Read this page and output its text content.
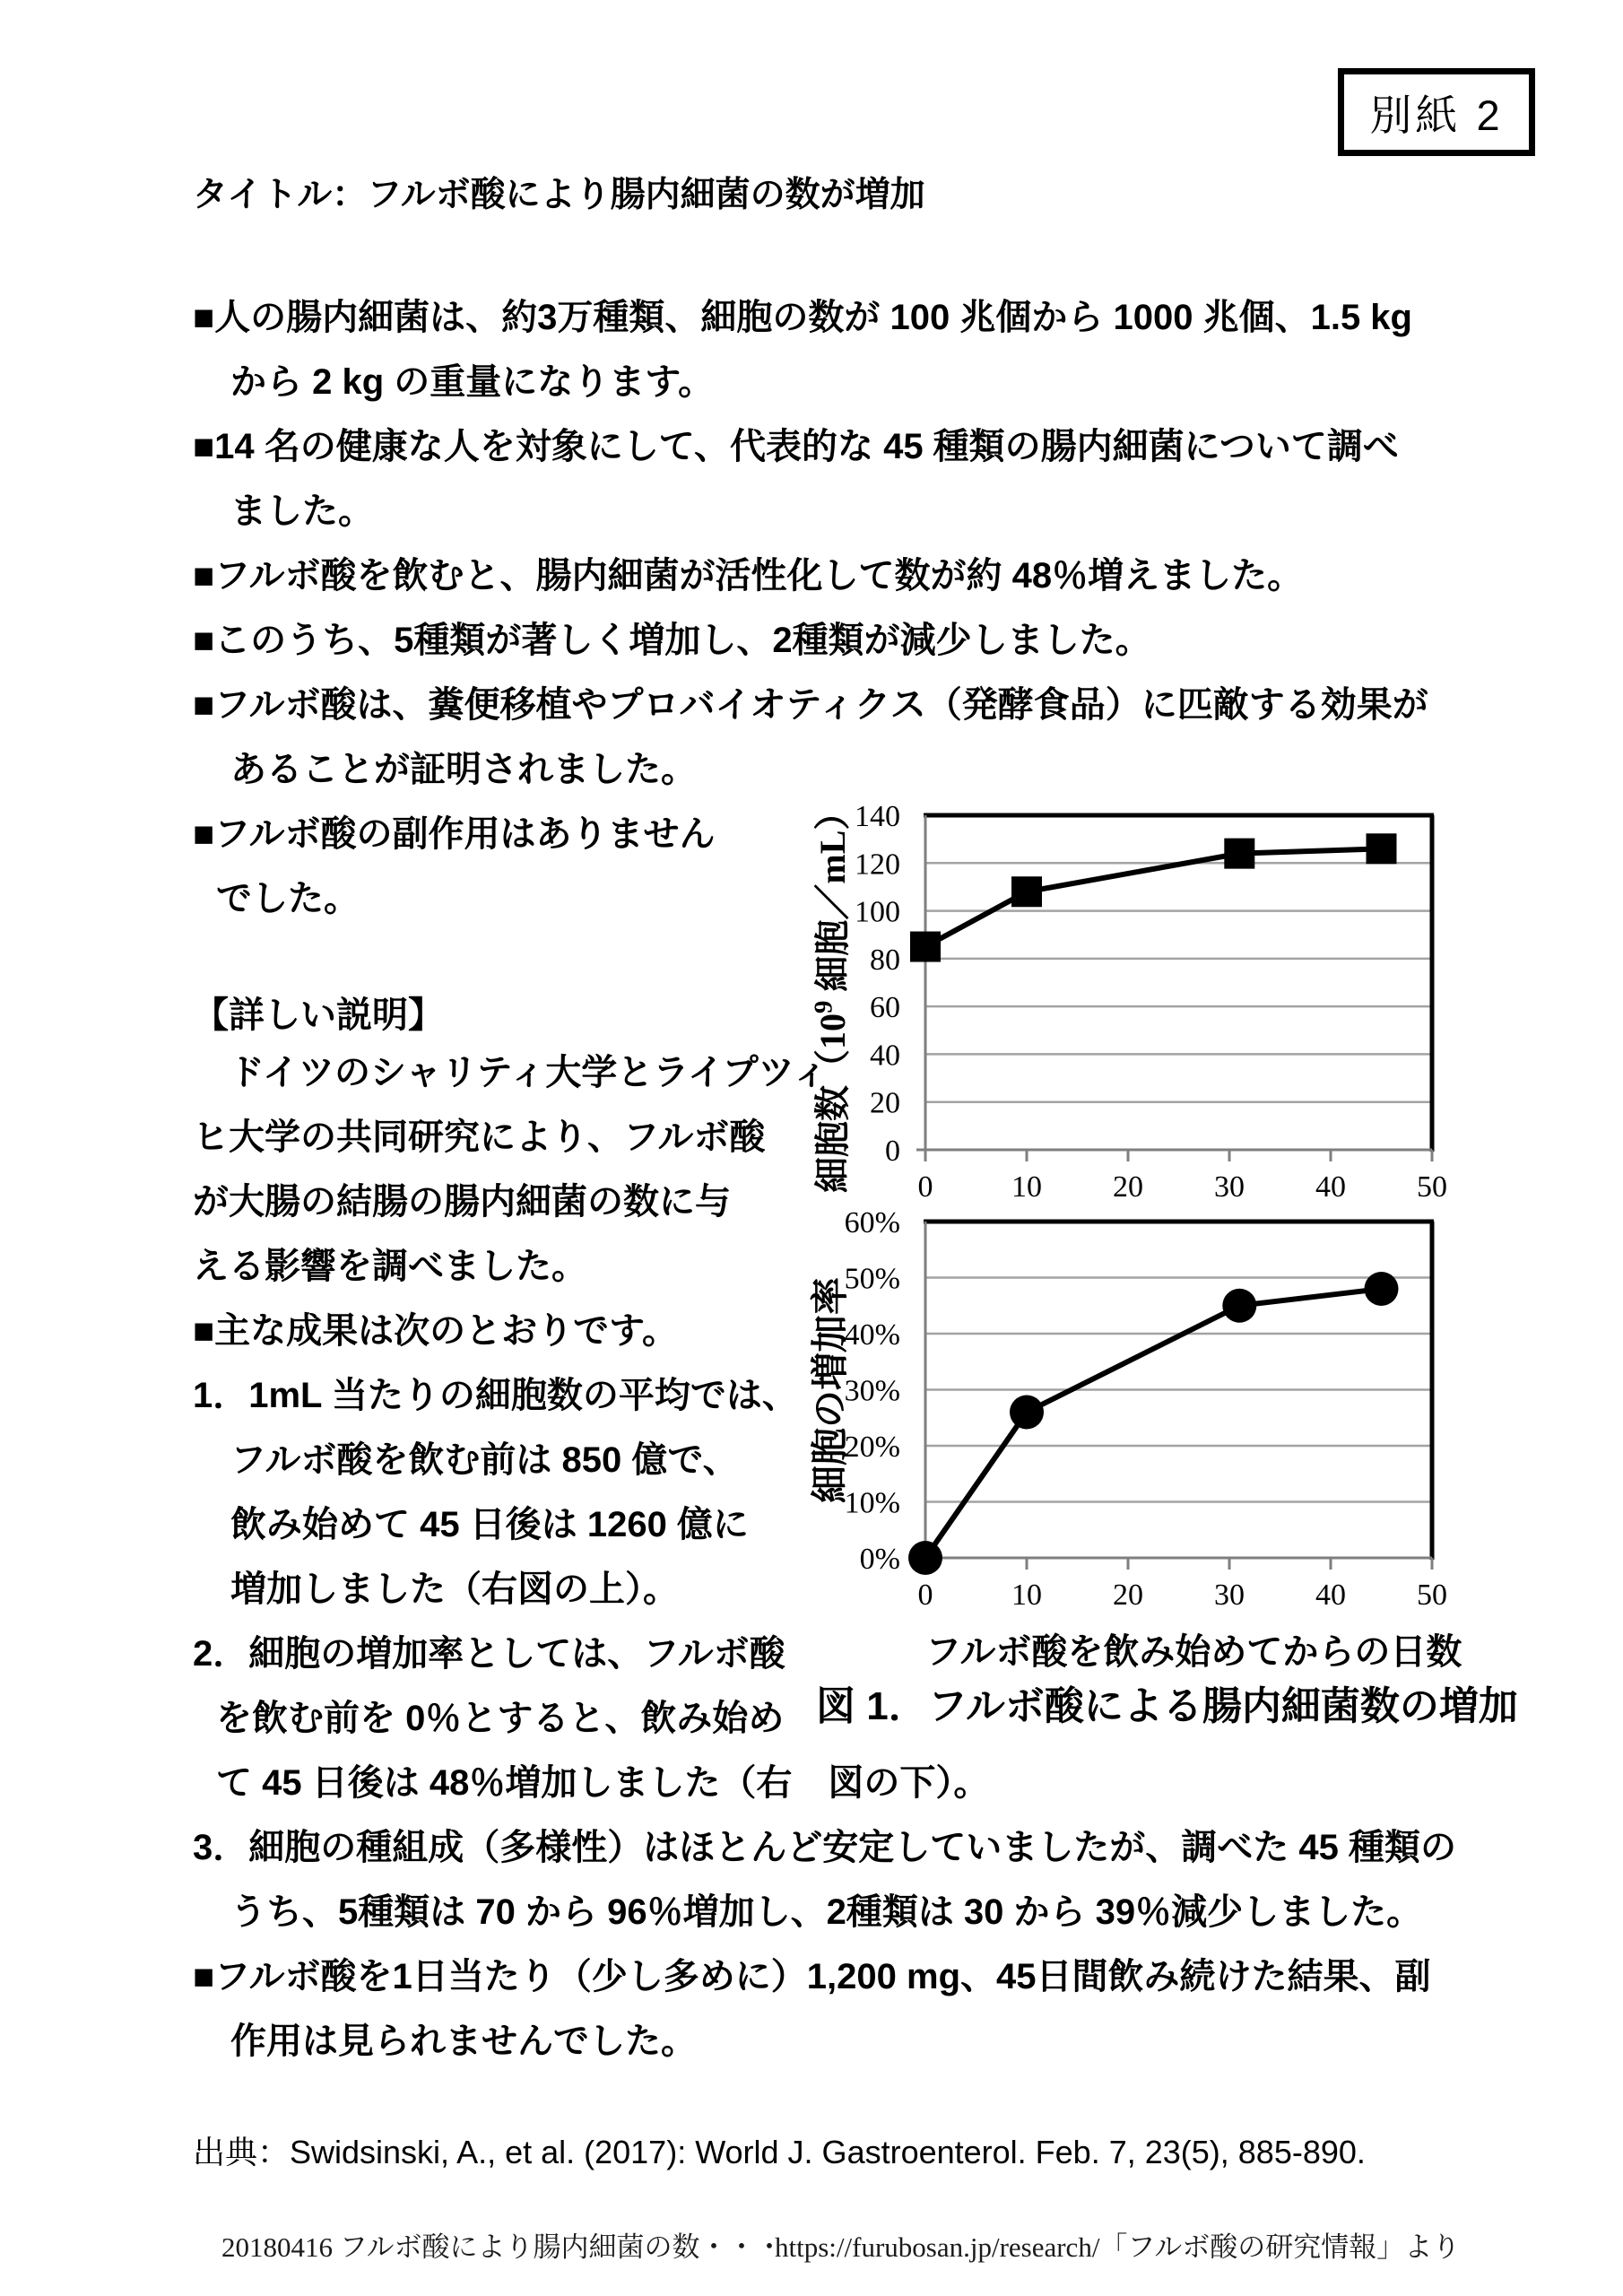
別紙 2
タイトル：フルボ酸により腸内細菌の数が増加
■人の腸内細菌は、約3万種類、細胞の数が 100 兆個から 1000 兆個、1.5 kg
から 2 kg の重量になります。
■14 名の健康な人を対象にして、代表的な 45 種類の腸内細菌について調べ
ました。
■フルボ酸を飲むと、腸内細菌が活性化して数が約 48％増えました。
■このうち、5種類が著しく増加し、2種類が減少しました。
■フルボ酸は、糞便移植やプロバイオティクス（発酵食品）に匹敵する効果が
あることが証明されました。
■フルボ酸の副作用はありません
でした。
【詳しい説明】
　ドイツのシャリティ大学とライプツィ
ヒ大学の共同研究により、フルボ酸
が大腸の結腸の腸内細菌の数に与
える影響を調べました。
■主な成果は次のとおりです。
1．1mL 当たりの細胞数の平均では、
フルボ酸を飲む前は 850 億で、
飲み始めて 45 日後は 1260 億に
増加しました（右図の上）。
2．細胞の増加率としては、フルボ酸
を飲む前を 0％とすると、飲み始め
て 45 日後は 48％増加しました（右　図の下）。
3．細胞の種組成（多様性）はほとんど安定していましたが、調べた 45 種類の
うち、5種類は 70 から 96％増加し、2種類は 30 から 39％減少しました。
■フルボ酸を1日当たり（少し多めに）1,200 mg、45日間飲み続けた結果、副
作用は見られませんでした。
細胞数（$10^9$ 細胞／mL）
0
20
40
60
80
100
120
140
0	10 20 30 40 50
細胞の増加率
0%
10%
20%
30%
40%
50%
60%
0	10 20 30 40 50
フルボ酸を飲み始めてからの日数
図 1．フルボ酸による腸内細菌数の増加
出典：Swidsinski, A., et al. (2017): World J. Gastroenterol. Feb. 7, 23(5), 885-890.
20180416 フルボ酸により腸内細菌の数・・・
https://furubosan.jp/research/「フルボ酸の研究情報」より
